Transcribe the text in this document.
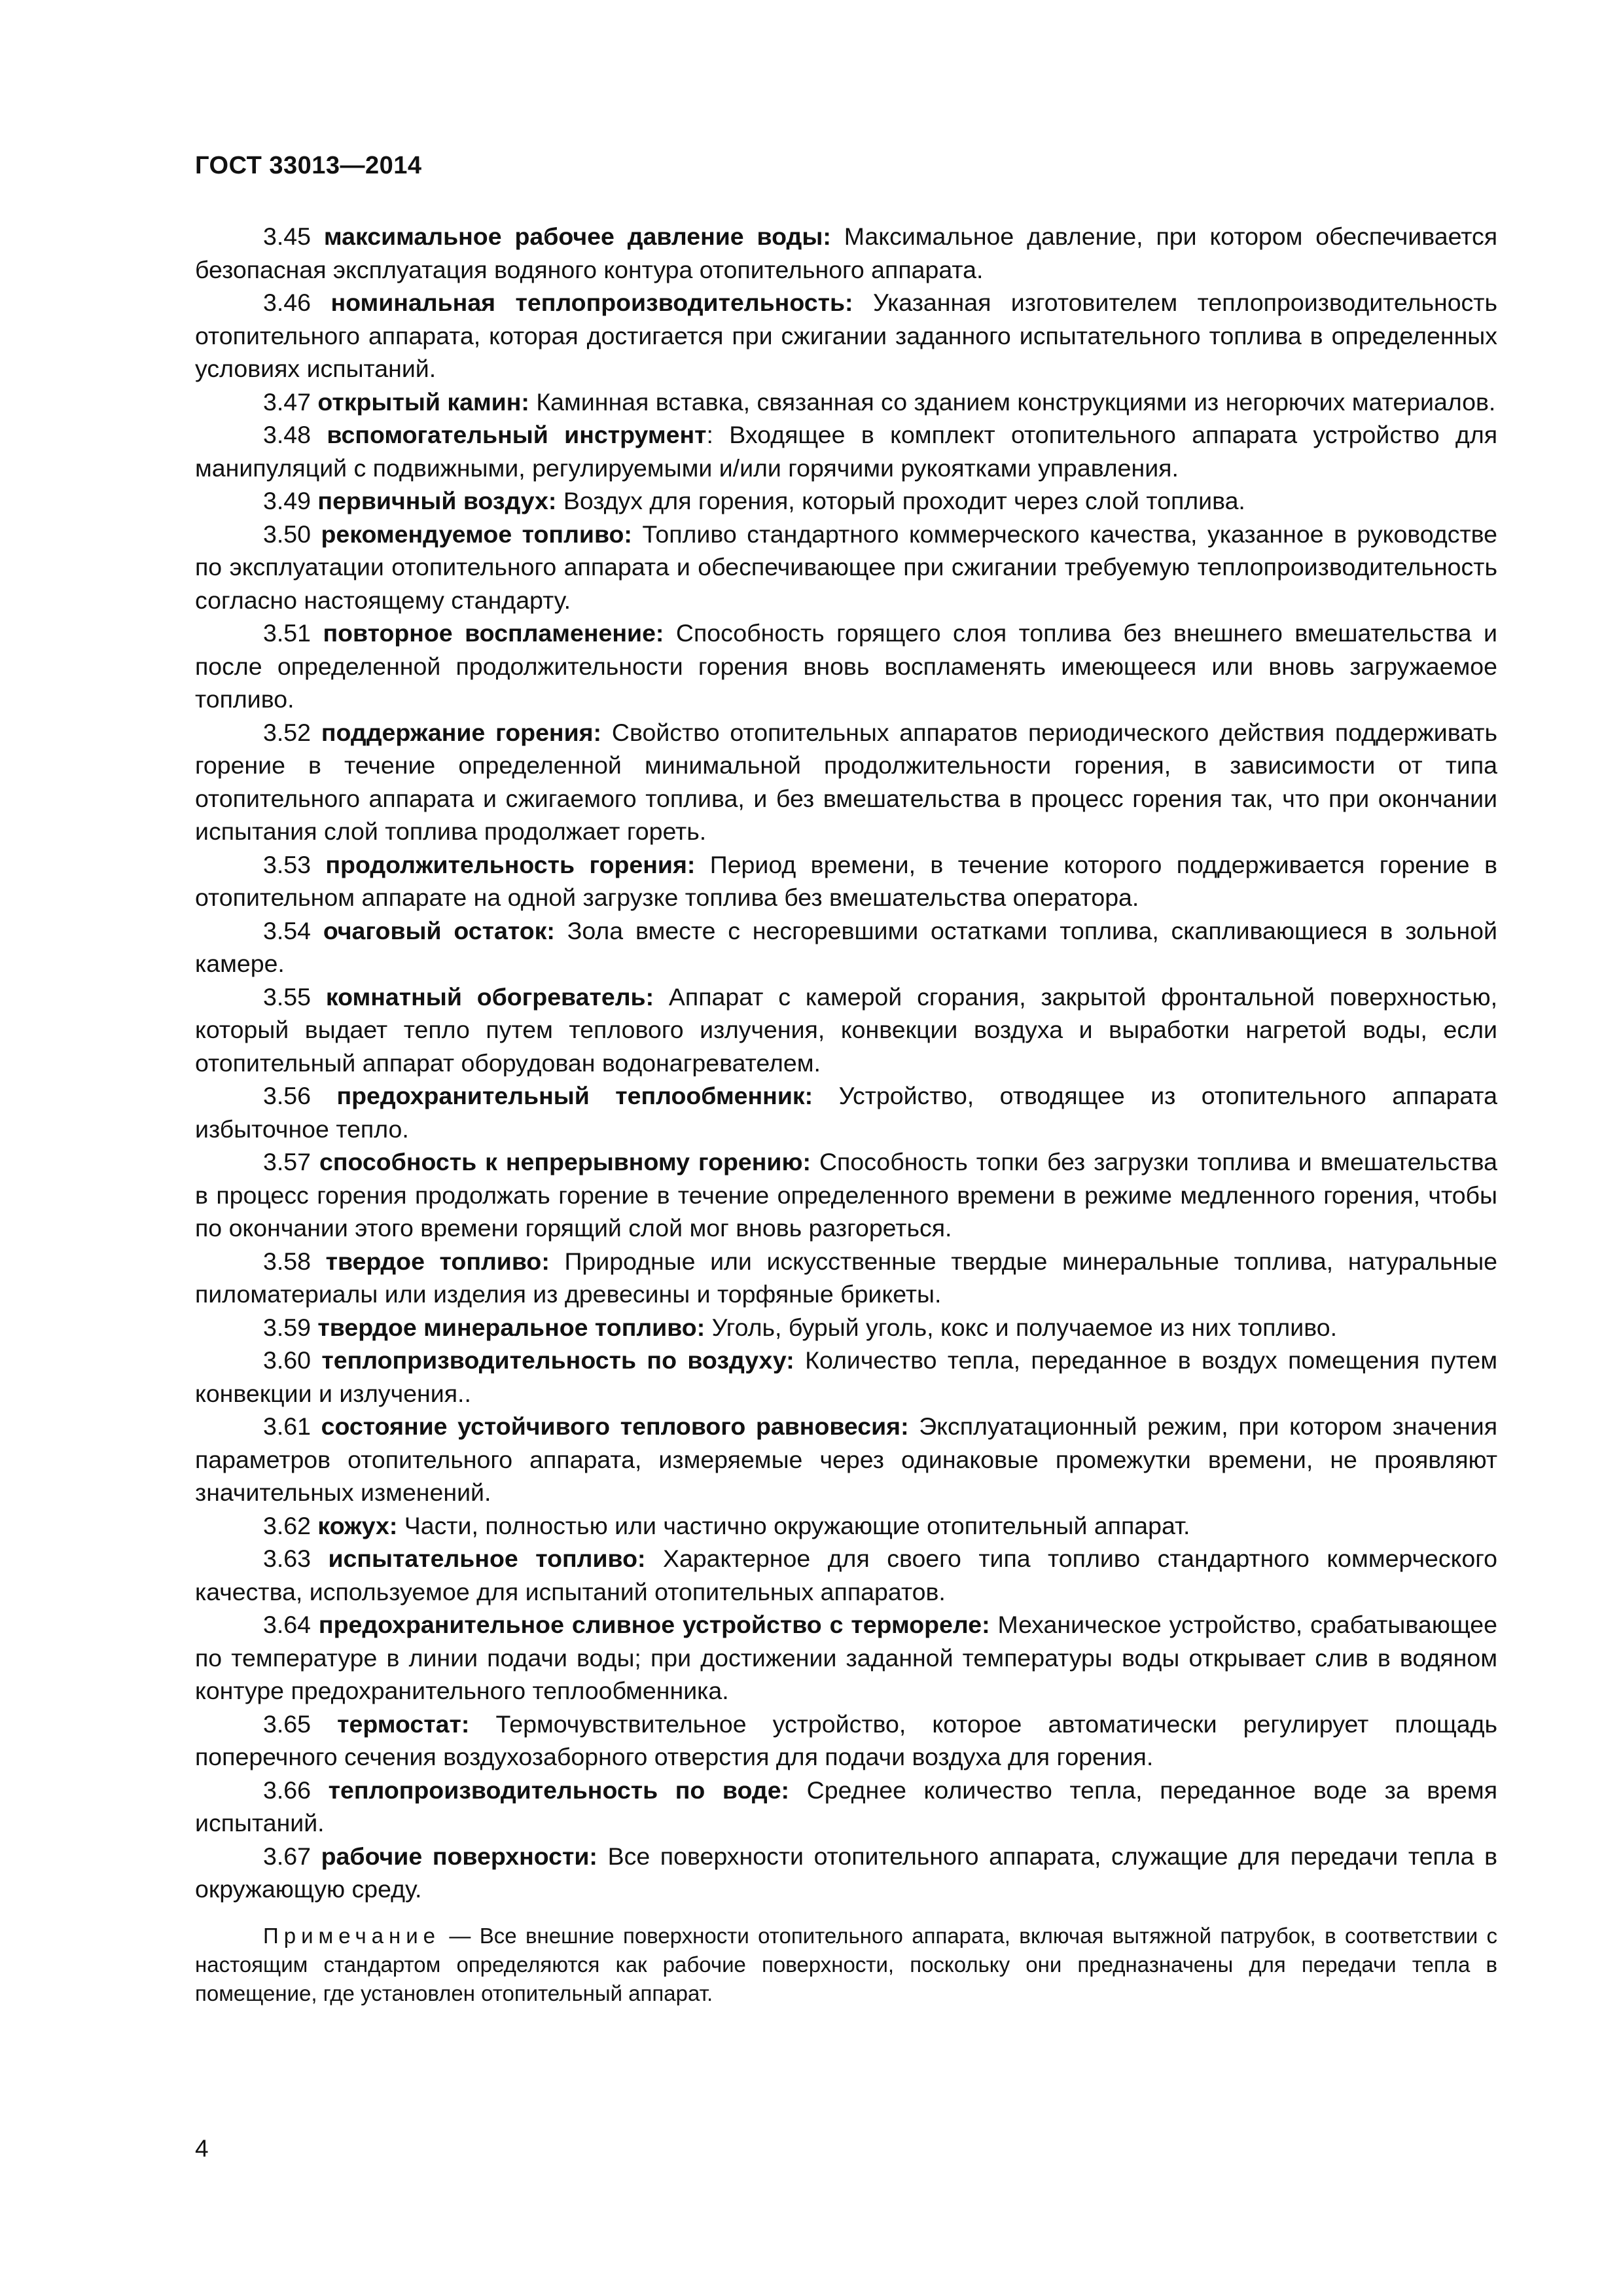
ГОСТ 33013—2014

3.45 максимальное рабочее давление воды: Максимальное давление, при котором обеспечивается безопасная эксплуатация водяного контура отопительного аппарата.

3.46 номинальная теплопроизводительность: Указанная изготовителем теплопроизводительность отопительного аппарата, которая достигается при сжигании заданного испытательного топлива в определенных условиях испытаний.

3.47 открытый камин: Каминная вставка, связанная со зданием конструкциями из негорючих материалов.

3.48 вспомогательный инструмент: Входящее в комплект отопительного аппарата устройство для манипуляций с подвижными, регулируемыми и/или горячими рукоятками управления.

3.49 первичный воздух: Воздух для горения, который проходит через слой топлива.

3.50 рекомендуемое топливо: Топливо стандартного коммерческого качества, указанное в руководстве по эксплуатации отопительного аппарата и обеспечивающее при сжигании требуемую теплопроизводительность согласно настоящему стандарту.

3.51 повторное воспламенение: Способность горящего слоя топлива без внешнего вмешательства и после определенной продолжительности горения вновь воспламенять имеющееся или вновь загружаемое топливо.

3.52 поддержание горения: Свойство отопительных аппаратов периодического действия поддерживать горение в течение определенной минимальной продолжительности горения, в зависимости от типа отопительного аппарата и сжигаемого топлива, и без вмешательства в процесс горения так, что при окончании испытания слой топлива продолжает гореть.

3.53 продолжительность горения: Период времени, в течение которого поддерживается горение в отопительном аппарате на одной загрузке топлива без вмешательства оператора.

3.54 очаговый остаток: Зола вместе с несгоревшими остатками топлива, скапливающиеся в зольной камере.

3.55 комнатный обогреватель: Аппарат с камерой сгорания, закрытой фронтальной поверхностью, который выдает тепло путем теплового излучения, конвекции воздуха и выработки нагретой воды, если отопительный аппарат оборудован водонагревателем.

3.56 предохранительный теплообменник: Устройство, отводящее из отопительного аппарата избыточное тепло.

3.57 способность к непрерывному горению: Способность топки без загрузки топлива и вмешательства в процесс горения продолжать горение в течение определенного времени в режиме медленного горения, чтобы по окончании этого времени горящий слой мог вновь разгореться.

3.58 твердое топливо: Природные или искусственные твердые минеральные топлива, натуральные пиломатериалы или изделия из древесины и торфяные брикеты.

3.59 твердое минеральное топливо: Уголь, бурый уголь, кокс и получаемое из них топливо.

3.60 теплопризводительность по воздуху: Количество тепла, переданное в воздух помещения путем конвекции и излучения..

3.61 состояние устойчивого теплового равновесия: Эксплуатационный режим, при котором значения параметров отопительного аппарата, измеряемые через одинаковые промежутки времени, не проявляют значительных изменений.

3.62 кожух: Части, полностью или частично окружающие отопительный аппарат.

3.63 испытательное топливо: Характерное для своего типа топливо стандартного коммерческого качества, используемое для испытаний отопительных аппаратов.

3.64 предохранительное сливное устройство с термореле: Механическое устройство, срабатывающее по температуре в линии подачи воды; при достижении заданной температуры воды открывает слив в водяном контуре предохранительного теплообменника.

3.65 термостат: Термочувствительное устройство, которое автоматически регулирует площадь поперечного сечения воздухозаборного отверстия для подачи воздуха для горения.

3.66 теплопроизводительность по воде: Среднее количество тепла, переданное воде за время испытаний.

3.67 рабочие поверхности: Все поверхности отопительного аппарата, служащие для передачи тепла в окружающую среду.

Примечание — Все внешние поверхности отопительного аппарата, включая вытяжной патрубок, в соответствии с настоящим стандартом определяются как рабочие поверхности, поскольку они предназначены для передачи тепла в помещение, где установлен отопительный аппарат.

4
